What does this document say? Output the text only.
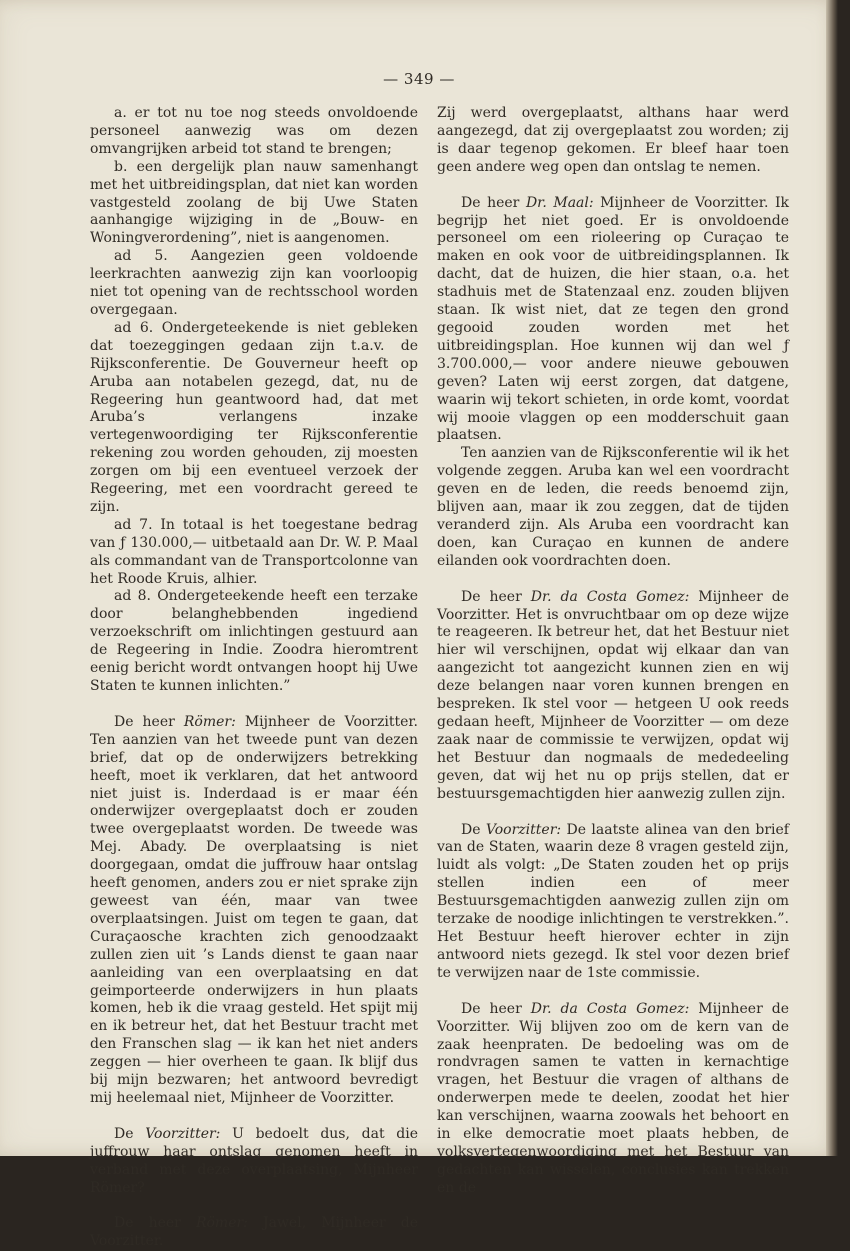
— 349 —

a. er tot nu toe nog steeds onvoldoende personeel aanwezig was om dezen omvangrijken arbeid tot stand te brengen;

b. een dergelijk plan nauw samenhangt met het uitbreidingsplan, dat niet kan worden vastgesteld zoolang de bij Uwe Staten aanhangige wijziging in de „Bouw- en Woningverordening”, niet is aangenomen.

ad 5. Aangezien geen voldoende leerkrachten aanwezig zijn kan voorloopig niet tot opening van de rechtsschool worden overgegaan.

ad 6. Ondergeteekende is niet gebleken dat toezeggingen gedaan zijn t.a.v. de Rijksconferentie. De Gouverneur heeft op Aruba aan notabelen gezegd, dat, nu de Regeering hun geantwoord had, dat met Aruba’s verlangens inzake vertegenwoordiging ter Rijksconferentie rekening zou worden gehouden, zij moesten zorgen om bij een eventueel verzoek der Regeering, met een voordracht gereed te zijn.

ad 7. In totaal is het toegestane bedrag van ƒ 130.000,— uitbetaald aan Dr. W. P. Maal als commandant van de Transportcolonne van het Roode Kruis, alhier.

ad 8. Ondergeteekende heeft een terzake door belanghebbenden ingediend verzoekschrift om inlichtingen gestuurd aan de Regeering in Indie. Zoodra hieromtrent eenig bericht wordt ontvangen hoopt hij Uwe Staten te kunnen inlichten.”

De heer Römer: Mijnheer de Voorzitter. Ten aanzien van het tweede punt van dezen brief, dat op de onderwijzers betrekking heeft, moet ik verklaren, dat het antwoord niet juist is. Inderdaad is er maar één onderwijzer overgeplaatst doch er zouden twee overgeplaatst worden. De tweede was Mej. Abady. De overplaatsing is niet doorgegaan, omdat die juffrouw haar ontslag heeft genomen, anders zou er niet sprake zijn geweest van één, maar van twee overplaatsingen. Juist om tegen te gaan, dat Curaçaosche krachten zich genoodzaakt zullen zien uit ’s Lands dienst te gaan naar aanleiding van een overplaatsing en dat geimporteerde onderwijzers in hun plaats komen, heb ik die vraag gesteld. Het spijt mij en ik betreur het, dat het Bestuur tracht met den Franschen slag — ik kan het niet anders zeggen — hier overheen te gaan. Ik blijf dus bij mijn bezwaren; het antwoord bevredigt mij heelemaal niet, Mijnheer de Voorzitter.

De Voorzitter: U bedoelt dus, dat die juffrouw haar ontslag genomen heeft in verband met deze overplaatsing, Mijnheer Römer?

De heer Römer: Jawel, Mijnheer de Voorzitter.

Zij werd overgeplaatst, althans haar werd aangezegd, dat zij overgeplaatst zou worden; zij is daar tegenop gekomen. Er bleef haar toen geen andere weg open dan ontslag te nemen.

De heer Dr. Maal: Mijnheer de Voorzitter. Ik begrijp het niet goed. Er is onvoldoende personeel om een rioleering op Curaçao te maken en ook voor de uitbreidingsplannen. Ik dacht, dat de huizen, die hier staan, o.a. het stadhuis met de Statenzaal enz. zouden blijven staan. Ik wist niet, dat ze tegen den grond gegooid zouden worden met het uitbreidingsplan. Hoe kunnen wij dan wel ƒ 3.700.000,— voor andere nieuwe gebouwen geven? Laten wij eerst zorgen, dat datgene, waarin wij tekort schieten, in orde komt, voordat wij mooie vlaggen op een modderschuit gaan plaatsen.

Ten aanzien van de Rijksconferentie wil ik het volgende zeggen. Aruba kan wel een voordracht geven en de leden, die reeds benoemd zijn, blijven aan, maar ik zou zeggen, dat de tijden veranderd zijn. Als Aruba een voordracht kan doen, kan Curaçao en kunnen de andere eilanden ook voordrachten doen.

De heer Dr. da Costa Gomez: Mijnheer de Voorzitter. Het is onvruchtbaar om op deze wijze te reageeren. Ik betreur het, dat het Bestuur niet hier wil verschijnen, opdat wij elkaar dan van aangezicht tot aangezicht kunnen zien en wij deze belangen naar voren kunnen brengen en bespreken. Ik stel voor — hetgeen U ook reeds gedaan heeft, Mijnheer de Voorzitter — om deze zaak naar de commissie te verwijzen, opdat wij het Bestuur dan nogmaals de mededeeling geven, dat wij het nu op prijs stellen, dat er bestuursgemachtigden hier aanwezig zullen zijn.

De Voorzitter: De laatste alinea van den brief van de Staten, waarin deze 8 vragen gesteld zijn, luidt als volgt: „De Staten zouden het op prijs stellen indien een of meer Bestuursgemachtigden aanwezig zullen zijn om terzake de noodige inlichtingen te verstrekken.”. Het Bestuur heeft hierover echter in zijn antwoord niets gezegd. Ik stel voor dezen brief te verwijzen naar de 1ste commissie.

De heer Dr. da Costa Gomez: Mijnheer de Voorzitter. Wij blijven zoo om de kern van de zaak heenpraten. De bedoeling was om de rondvragen samen te vatten in kernachtige vragen, het Bestuur die vragen of althans de onderwerpen mede te deelen, zoodat het hier kan verschijnen, waarna zoowals het behoort en in elke democratie moet plaats hebben, de volksvertegenwoordiging met het Bestuur van gedachten kan wisselen, conclusies kan trekken en de
